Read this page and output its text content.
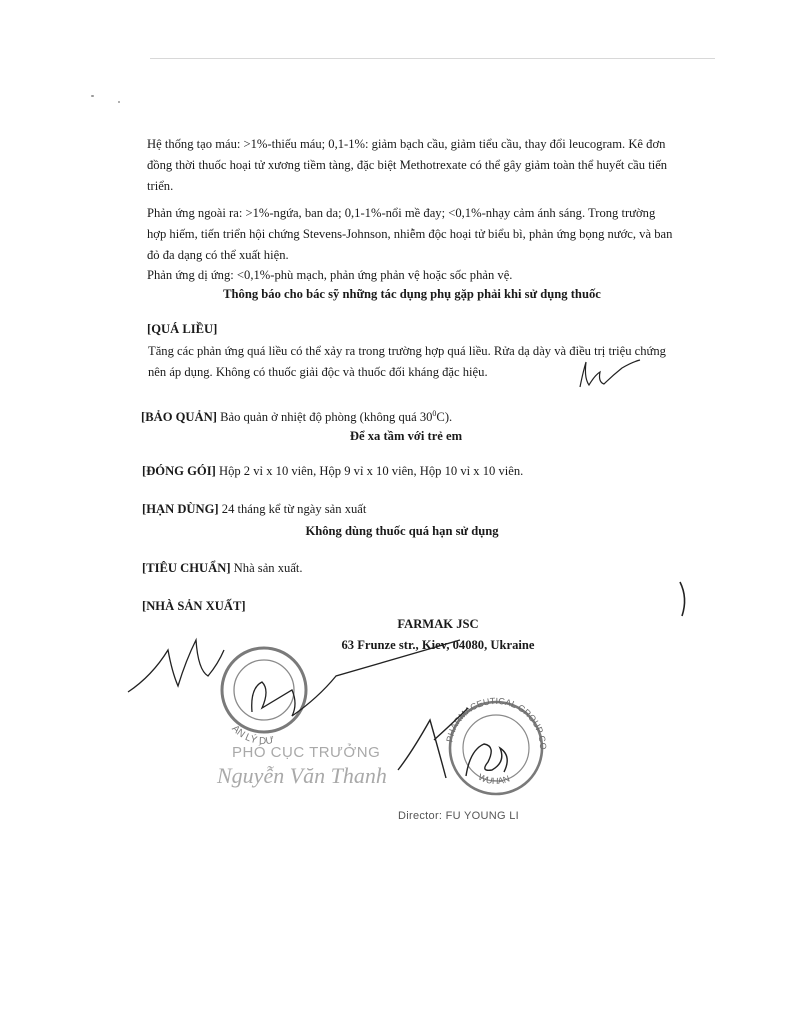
Hệ thống tạo máu: >1%-thiếu máu; 0,1-1%: giảm bạch cầu, giảm tiểu cầu, thay đổi leucogram. Kê đơn đồng thời thuốc hoại tử xương tiềm tàng, đặc biệt Methotrexate có thể gây giảm toàn thể huyết cầu tiến triển.

Phản ứng ngoài ra: >1%-ngứa, ban da; 0,1-1%-nổi mề đay; <0,1%-nhạy cảm ánh sáng. Trong trường hợp hiếm, tiến triển hội chứng Stevens-Johnson, nhiễm độc hoại tử biểu bì, phản ứng bọng nước, và ban đỏ đa dạng có thể xuất hiện.

Phản ứng dị ứng: <0,1%-phù mạch, phản ứng phản vệ hoặc sốc phản vệ.

Thông báo cho bác sỹ những tác dụng phụ gặp phải khi sử dụng thuốc
[QUÁ LIỀU]

Tăng các phản ứng quá liều có thể xảy ra trong trường hợp quá liều. Rửa dạ dày và điều trị triệu chứng nên áp dụng. Không có thuốc giải độc và thuốc đối kháng đặc hiệu.

[BẢO QUẢN] Bảo quản ở nhiệt độ phòng (không quá $30^0C$).
Để xa tầm với trẻ em
[ĐÓNG GÓI] Hộp 2 vỉ x 10 viên, Hộp 9 vỉ x 10 viên, Hộp 10 vỉ x 10 viên.
[HẠN DÙNG] 24 tháng kể từ ngày sản xuất
Không dùng thuốc quá hạn sử dụng
[TIÊU CHUẨN] Nhà sản xuất.
[NHÀ SẢN XUẤT]
FARMAK JSC
63 Frunze str., Kiev, 04080, Ukraine
PHÓ CỤC TRƯỞNG
Nguyễn Văn Thanh
Director: FU YOUNG LI
AN LÝ DƯ	PHARMACEUTICAL GROUP CO
WUHAN
